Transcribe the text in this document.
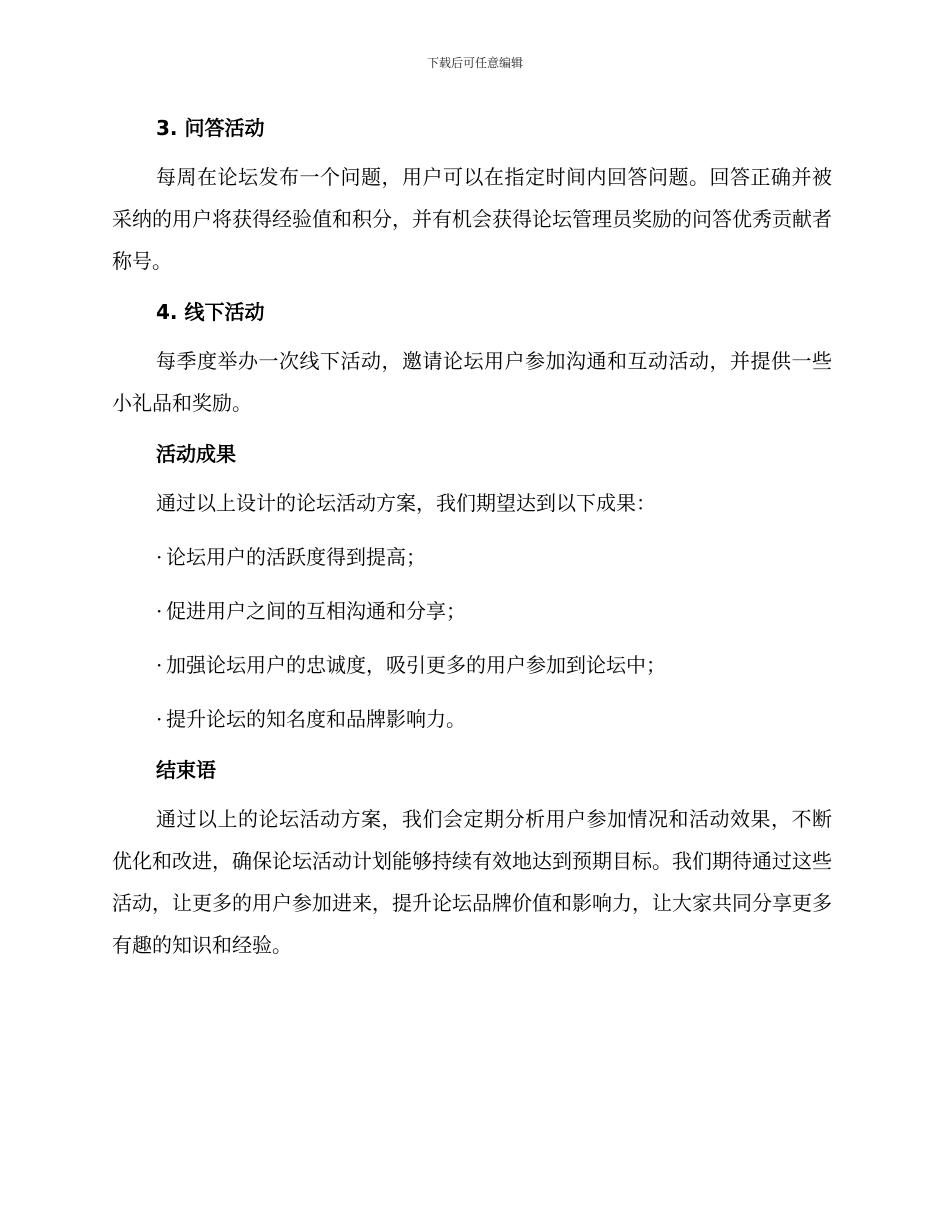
下载后可任意编辑
3. 问答活动

每周在论坛发布一个问题，用户可以在指定时间内回答问题。回答正确并被采纳的用户将获得经验值和积分，并有机会获得论坛管理员奖励的问答优秀贡献者称号。

4. 线下活动

每季度举办一次线下活动，邀请论坛用户参加沟通和互动活动，并提供一些小礼品和奖励。

活动成果

通过以上设计的论坛活动方案，我们期望达到以下成果：

· 论坛用户的活跃度得到提高；
· 促进用户之间的互相沟通和分享；
· 加强论坛用户的忠诚度，吸引更多的用户参加到论坛中；
· 提升论坛的知名度和品牌影响力。
结束语

通过以上的论坛活动方案，我们会定期分析用户参加情况和活动效果，不断优化和改进，确保论坛活动计划能够持续有效地达到预期目标。我们期待通过这些活动，让更多的用户参加进来，提升论坛品牌价值和影响力，让大家共同分享更多有趣的知识和经验。
